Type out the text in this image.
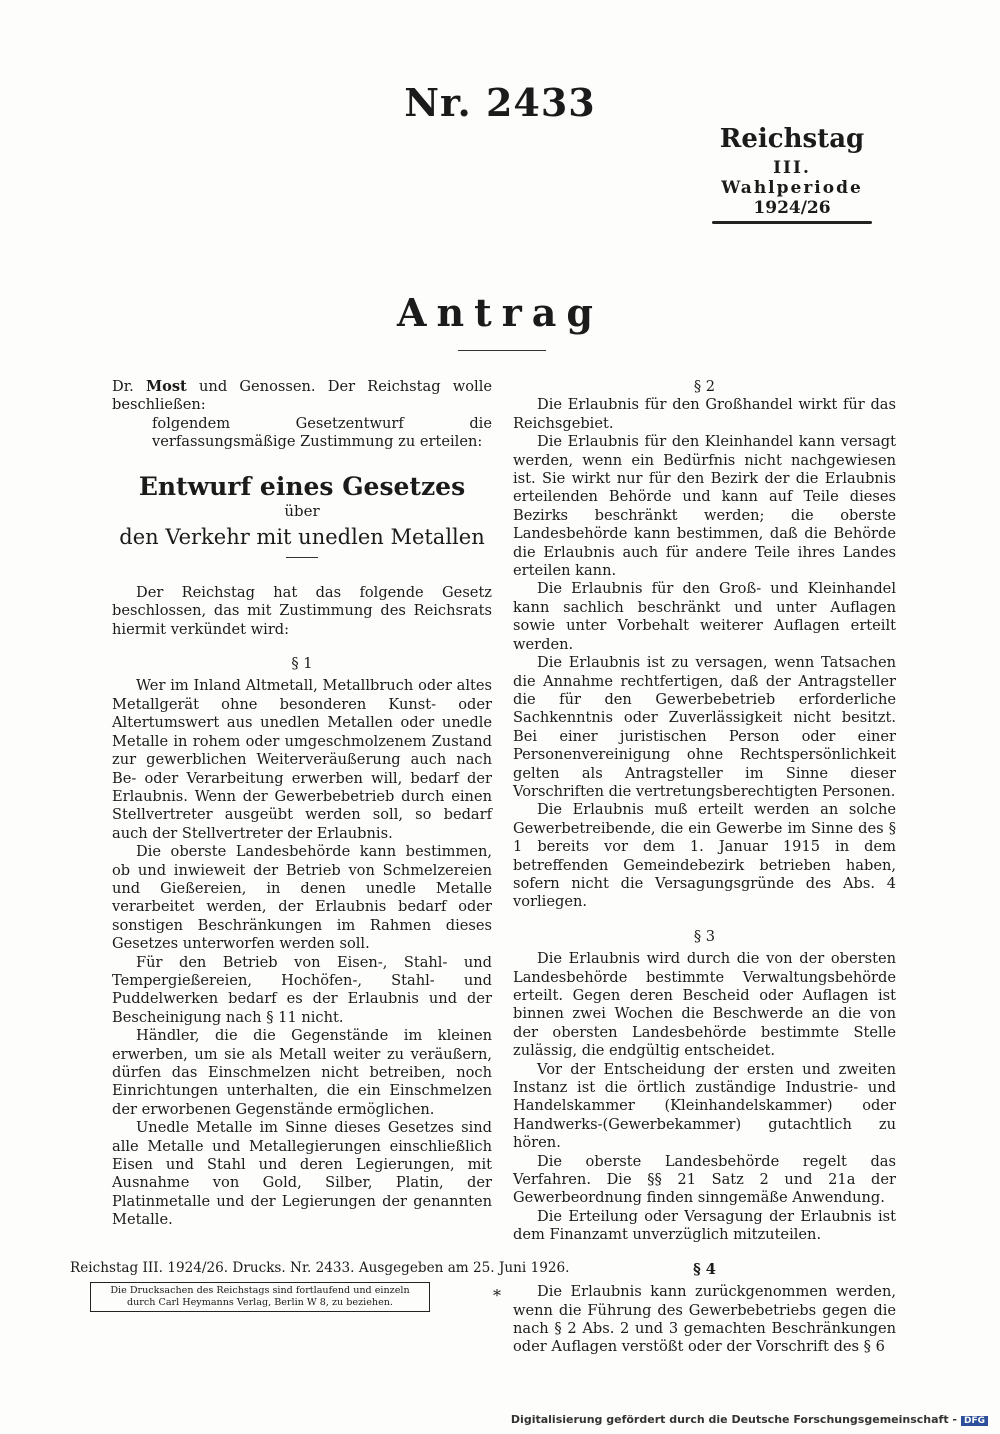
Nr. 2433
Reichstag
III. Wahlperiode
1924/26
Antrag

Dr. Most und Genossen. Der Reichstag wolle beschließen:

folgendem Gesetzentwurf die verfassungsmäßige Zustimmung zu erteilen:

Entwurf eines Gesetzes
über
den Verkehr mit unedlen Metallen

Der Reichstag hat das folgende Gesetz beschlossen, das mit Zustimmung des Reichsrats hiermit verkündet wird:

§ 1

Wer im Inland Altmetall, Metallbruch oder altes Metallgerät ohne besonderen Kunst- oder Altertumswert aus unedlen Metallen oder unedle Metalle in rohem oder umgeschmolzenem Zustand zur gewerblichen Weiterveräußerung auch nach Be- oder Verarbeitung erwerben will, bedarf der Erlaubnis. Wenn der Gewerbebetrieb durch einen Stellvertreter ausgeübt werden soll, so bedarf auch der Stellvertreter der Erlaubnis.

Die oberste Landesbehörde kann bestimmen, ob und inwieweit der Betrieb von Schmelzereien und Gießereien, in denen unedle Metalle verarbeitet werden, der Erlaubnis bedarf oder sonstigen Beschränkungen im Rahmen dieses Gesetzes unterworfen werden soll.

Für den Betrieb von Eisen-, Stahl- und Tempergießereien, Hochöfen-, Stahl- und Puddelwerken bedarf es der Erlaubnis und der Bescheinigung nach § 11 nicht.

Händler, die die Gegenstände im kleinen erwerben, um sie als Metall weiter zu veräußern, dürfen das Einschmelzen nicht betreiben, noch Einrichtungen unterhalten, die ein Einschmelzen der erworbenen Gegenstände ermöglichen.

Unedle Metalle im Sinne dieses Gesetzes sind alle Metalle und Metallegierungen einschließlich Eisen und Stahl und deren Legierungen, mit Ausnahme von Gold, Silber, Platin, der Platinmetalle und der Legierungen der genannten Metalle.

§ 2

Die Erlaubnis für den Großhandel wirkt für das Reichsgebiet.

Die Erlaubnis für den Kleinhandel kann versagt werden, wenn ein Bedürfnis nicht nachgewiesen ist. Sie wirkt nur für den Bezirk der die Erlaubnis erteilenden Behörde und kann auf Teile dieses Bezirks beschränkt werden; die oberste Landesbehörde kann bestimmen, daß die Behörde die Erlaubnis auch für andere Teile ihres Landes erteilen kann.

Die Erlaubnis für den Groß- und Kleinhandel kann sachlich beschränkt und unter Auflagen sowie unter Vorbehalt weiterer Auflagen erteilt werden.

Die Erlaubnis ist zu versagen, wenn Tatsachen die Annahme rechtfertigen, daß der Antragsteller die für den Gewerbebetrieb erforderliche Sachkenntnis oder Zuverlässigkeit nicht besitzt. Bei einer juristischen Person oder einer Personenvereinigung ohne Rechtspersönlichkeit gelten als Antragsteller im Sinne dieser Vorschriften die vertretungsberechtigten Personen.

Die Erlaubnis muß erteilt werden an solche Gewerbetreibende, die ein Gewerbe im Sinne des § 1 bereits vor dem 1. Januar 1915 in dem betreffenden Gemeindebezirk betrieben haben, sofern nicht die Versagungsgründe des Abs. 4 vorliegen.

§ 3

Die Erlaubnis wird durch die von der obersten Landesbehörde bestimmte Verwaltungsbehörde erteilt. Gegen deren Bescheid oder Auflagen ist binnen zwei Wochen die Beschwerde an die von der obersten Landesbehörde bestimmte Stelle zulässig, die endgültig entscheidet.

Vor der Entscheidung der ersten und zweiten Instanz ist die örtlich zuständige Industrie- und Handelskammer (Kleinhandelskammer) oder Handwerks-(Gewerbekammer) gutachtlich zu hören.

Die oberste Landesbehörde regelt das Verfahren. Die §§ 21 Satz 2 und 21a der Gewerbeordnung finden sinngemäße Anwendung.

Die Erteilung oder Versagung der Erlaubnis ist dem Finanzamt unverzüglich mitzuteilen.

§ 4

Die Erlaubnis kann zurückgenommen werden, wenn die Führung des Gewerbebetriebs gegen die nach § 2 Abs. 2 und 3 gemachten Beschränkungen oder Auflagen verstößt oder der Vorschrift des § 6

Reichstag III. 1924/26. Drucks. Nr. 2433. Ausgegeben am 25. Juni 1926.
Die Drucksachen des Reichstags sind fortlaufend und einzeln
durch Carl Heymanns Verlag, Berlin W 8, zu beziehen.	*
Digitalisierung gefördert durch die Deutsche Forschungsgemeinschaft - DFG
